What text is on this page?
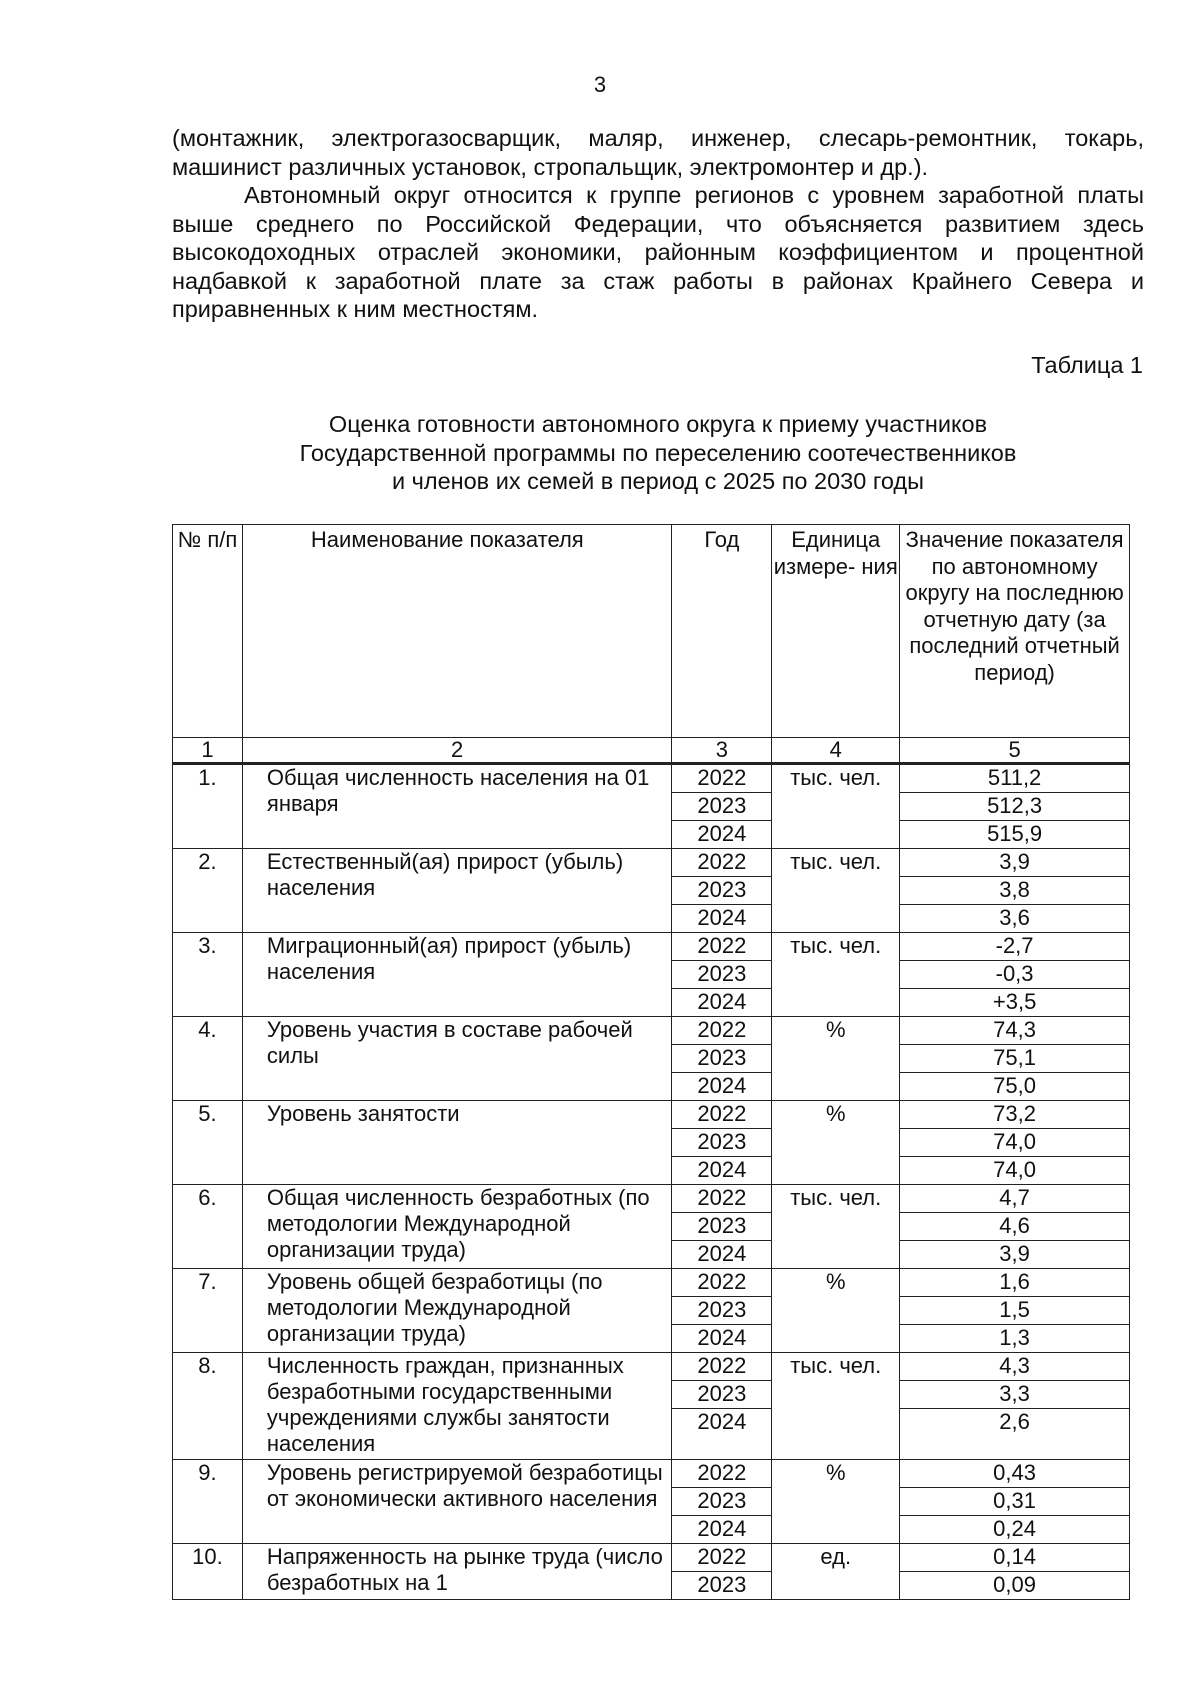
3

(монтажник, электрогазосварщик, маляр, инженер, слесарь-ремонтник, токарь, машинист различных установок, стропальщик, электромонтер и др.).

Автономный округ относится к группе регионов с уровнем заработной платы выше среднего по Российской Федерации, что объясняется развитием здесь высокодоходных отраслей экономики, районным коэффициентом и процентной надбавкой к заработной плате за стаж работы в районах Крайнего Севера и приравненных к ним местностям.

Таблица 1
Оценка готовности автономного округа к приему участников
Государственной программы по переселению соотечественников
и членов их семей в период с 2025 по 2030 годы
№ п/п	Наименование показателя	Год	Единица измере- ния	Значение показателя по автономному округу на последнюю отчетную дату (за последний отчетный период)
1	2	3	4	5
1.	Общая численность населения на 01 января	2022	тыс. чел.	511,2
		2023		512,3
		2024		515,9
2.	Естественный(ая) прирост (убыль) населения	2022	тыс. чел.	3,9
		2023		3,8
		2024		3,6
3.	Миграционный(ая) прирост (убыль) населения	2022	тыс. чел.	-2,7
		2023		-0,3
		2024		+3,5
4.	Уровень участия в составе рабочей силы	2022	%	74,3
		2023		75,1
		2024		75,0
5.	Уровень занятости	2022	%	73,2
		2023		74,0
		2024		74,0
6.	Общая численность безработных (по методологии Международной организации труда)	2022	тыс. чел.	4,7
		2023		4,6
		2024		3,9
7.	Уровень общей безработицы (по методологии Международной организации труда)	2022	%	1,6
		2023		1,5
		2024		1,3
8.	Численность граждан, признанных безработными государственными учреждениями службы занятости населения	2022	тыс. чел.	4,3
		2023		3,3
		2024		2,6
9.	Уровень регистрируемой безработицы от экономически активного населения	2022	%	0,43
		2023		0,31
		2024		0,24
10.	Напряженность на рынке труда (число безработных на 1	2022	ед.	0,14
		2023		0,09
